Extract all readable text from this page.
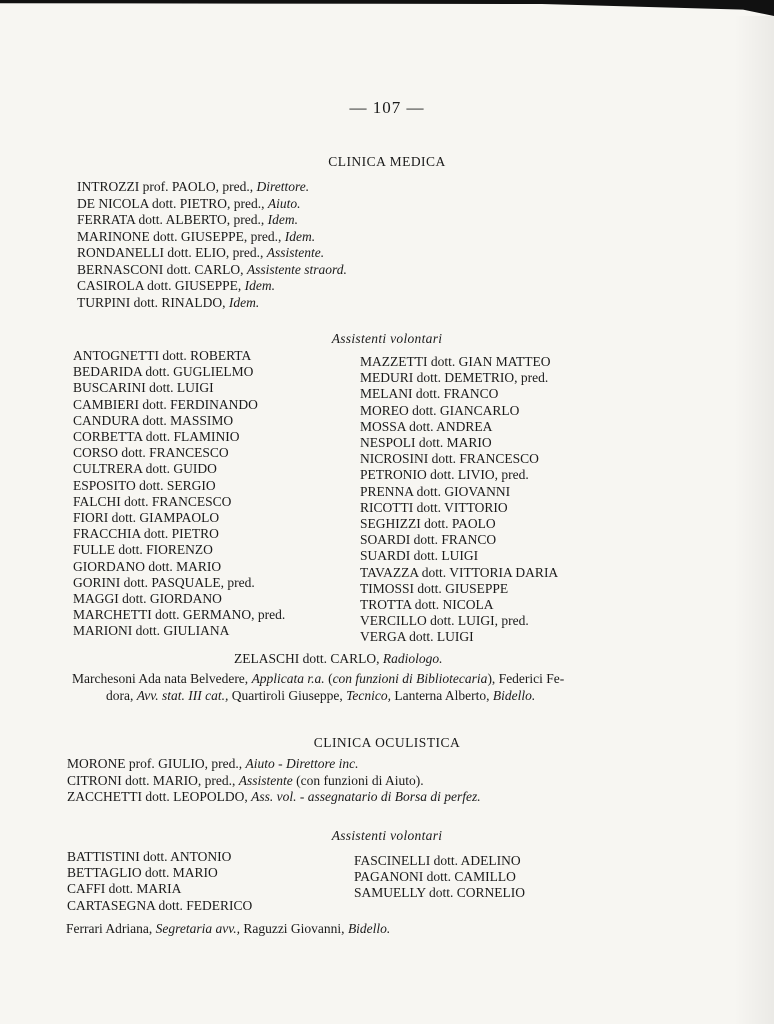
— 107 —
CLINICA MEDICA
INTROZZI prof. PAOLO, pred., Direttore.
DE NICOLA dott. PIETRO, pred., Aiuto.
FERRATA dott. ALBERTO, pred., Idem.
MARINONE dott. GIUSEPPE, pred., Idem.
RONDANELLI dott. ELIO, pred., Assistente.
BERNASCONI dott. CARLO, Assistente straord.
CASIROLA dott. GIUSEPPE, Idem.
TURPINI dott. RINALDO, Idem.
Assistenti volontari
ANTOGNETTI dott. ROBERTA
BEDARIDA dott. GUGLIELMO
BUSCARINI dott. LUIGI
CAMBIERI dott. FERDINANDO
CANDURA dott. MASSIMO
CORBETTA dott. FLAMINIO
CORSO dott. FRANCESCO
CULTRERA dott. GUIDO
ESPOSITO dott. SERGIO
FALCHI dott. FRANCESCO
FIORI dott. GIAMPAOLO
FRACCHIA dott. PIETRO
FULLE dott. FIORENZO
GIORDANO dott. MARIO
GORINI dott. PASQUALE, pred.
MAGGI dott. GIORDANO
MARCHETTI dott. GERMANO, pred.
MARIONI dott. GIULIANA
MAZZETTI dott. GIAN MATTEO
MEDURI dott. DEMETRIO, pred.
MELANI dott. FRANCO
MOREO dott. GIANCARLO
MOSSA dott. ANDREA
NESPOLI dott. MARIO
NICROSINI dott. FRANCESCO
PETRONIO dott. LIVIO, pred.
PRENNA dott. GIOVANNI
RICOTTI dott. VITTORIO
SEGHIZZI dott. PAOLO
SOARDI dott. FRANCO
SUARDI dott. LUIGI
TAVAZZA dott. VITTORIA DARIA
TIMOSSI dott. GIUSEPPE
TROTTA dott. NICOLA
VERCILLO dott. LUIGI, pred.
VERGA dott. LUIGI
ZELASCHI dott. CARLO, Radiologo.
Marchesoni Ada nata Belvedere, Applicata r.a. (con funzioni di Bibliotecaria), Federici Fe-
dora, Avv. stat. III cat., Quartiroli Giuseppe, Tecnico, Lanterna Alberto, Bidello.
CLINICA OCULISTICA
MORONE prof. GIULIO, pred., Aiuto - Direttore inc.
CITRONI dott. MARIO, pred., Assistente (con funzioni di Aiuto).
ZACCHETTI dott. LEOPOLDO, Ass. vol. - assegnatario di Borsa di perfez.
Assistenti volontari
BATTISTINI dott. ANTONIO
BETTAGLIO dott. MARIO
CAFFI dott. MARIA
CARTASEGNA dott. FEDERICO
FASCINELLI dott. ADELINO
PAGANONI dott. CAMILLO
SAMUELLY dott. CORNELIO
Ferrari Adriana, Segretaria avv., Raguzzi Giovanni, Bidello.
